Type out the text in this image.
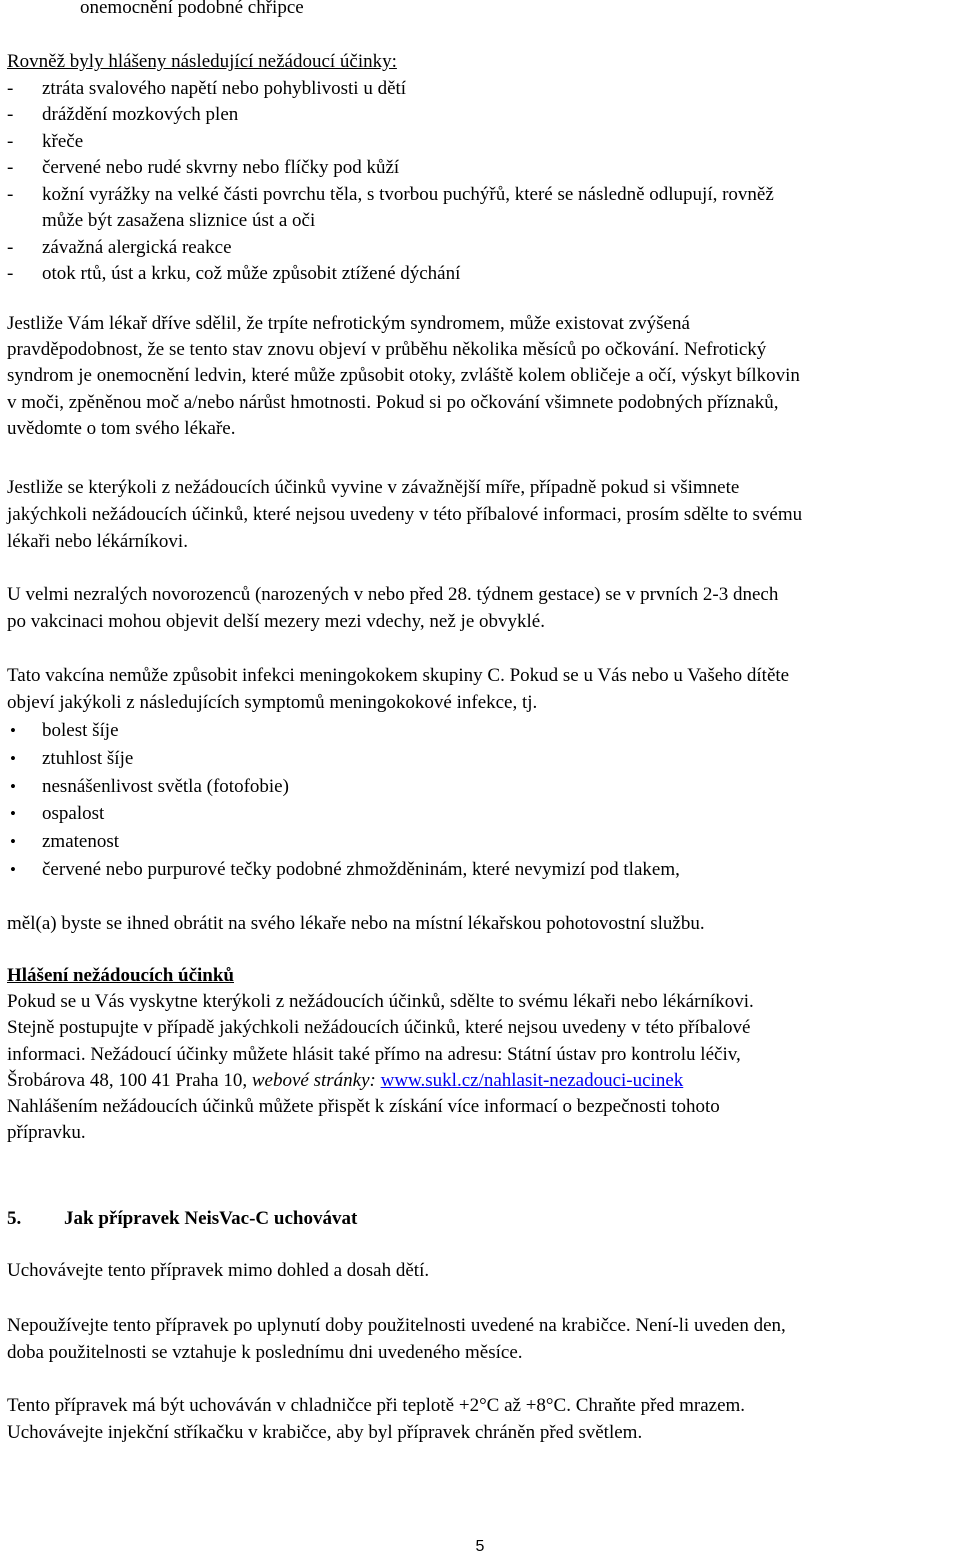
onemocnění podobné chřipce
Rovněž byly hlášeny následující nežádoucí účinky:
- ztráta svalového napětí nebo pohyblivosti u dětí
- dráždění mozkových plen
- křeče
- červené nebo rudé skvrny nebo flíčky pod kůží
- kožní vyrážky na velké části povrchu těla, s tvorbou puchýřů, které se následně odlupují, rovněž
může být zasažena sliznice úst a oči
- závažná alergická reakce
- otok rtů, úst a krku, což může způsobit ztížené dýchání
Jestliže Vám lékař dříve sdělil, že trpíte nefrotickým syndromem, může existovat zvýšená
pravděpodobnost, že se tento stav znovu objeví v průběhu několika měsíců po očkování. Nefrotický
syndrom je onemocnění ledvin, které může způsobit otoky, zvláště kolem obličeje a očí, výskyt bílkovin
v moči, zpěněnou moč a/nebo nárůst hmotnosti. Pokud si po očkování všimnete podobných příznaků,
uvědomte o tom svého lékaře.
Jestliže se kterýkoli z nežádoucích účinků vyvine v závažnější míře, případně pokud si všimnete
jakýchkoli nežádoucích účinků, které nejsou uvedeny v této příbalové informaci, prosím sdělte to svému
lékaři nebo lékárníkovi.
U velmi nezralých novorozenců (narozených v nebo před 28. týdnem gestace) se v prvních 2-3 dnech
po vakcinaci mohou objevit delší mezery mezi vdechy, než je obvyklé.
Tato vakcína nemůže způsobit infekci meningokokem skupiny C. Pokud se u Vás nebo u Vašeho dítěte
objeví jakýkoli z následujících symptomů meningokokové infekce, tj.
• bolest šíje
• ztuhlost šíje
• nesnášenlivost světla (fotofobie)
• ospalost
• zmatenost
• červené nebo purpurové tečky podobné zhmožděninám, které nevymizí pod tlakem,
měl(a) byste se ihned obrátit na svého lékaře nebo na místní lékařskou pohotovostní službu.
Hlášení nežádoucích účinků
Pokud se u Vás vyskytne kterýkoli z nežádoucích účinků, sdělte to svému lékaři nebo lékárníkovi.
Stejně postupujte v případě jakýchkoli nežádoucích účinků, které nejsou uvedeny v této příbalové
informaci. Nežádoucí účinky můžete hlásit také přímo na adresu: Státní ústav pro kontrolu léčiv,
Šrobárova 48, 100 41 Praha 10, webové stránky: www.sukl.cz/nahlasit-nezadouci-ucinek
Nahlášením nežádoucích účinků můžete přispět k získání více informací o bezpečnosti tohoto
přípravku.
5. Jak přípravek NeisVac-C uchovávat
Uchovávejte tento přípravek mimo dohled a dosah dětí.
Nepoužívejte tento přípravek po uplynutí doby použitelnosti uvedené na krabičce. Není-li uveden den,
doba použitelnosti se vztahuje k poslednímu dni uvedeného měsíce.
Tento přípravek má být uchováván v chladničce při teplotě +2°C až +8°C. Chraňte před mrazem.
Uchovávejte injekční stříkačku v krabičce, aby byl přípravek chráněn před světlem.
5
